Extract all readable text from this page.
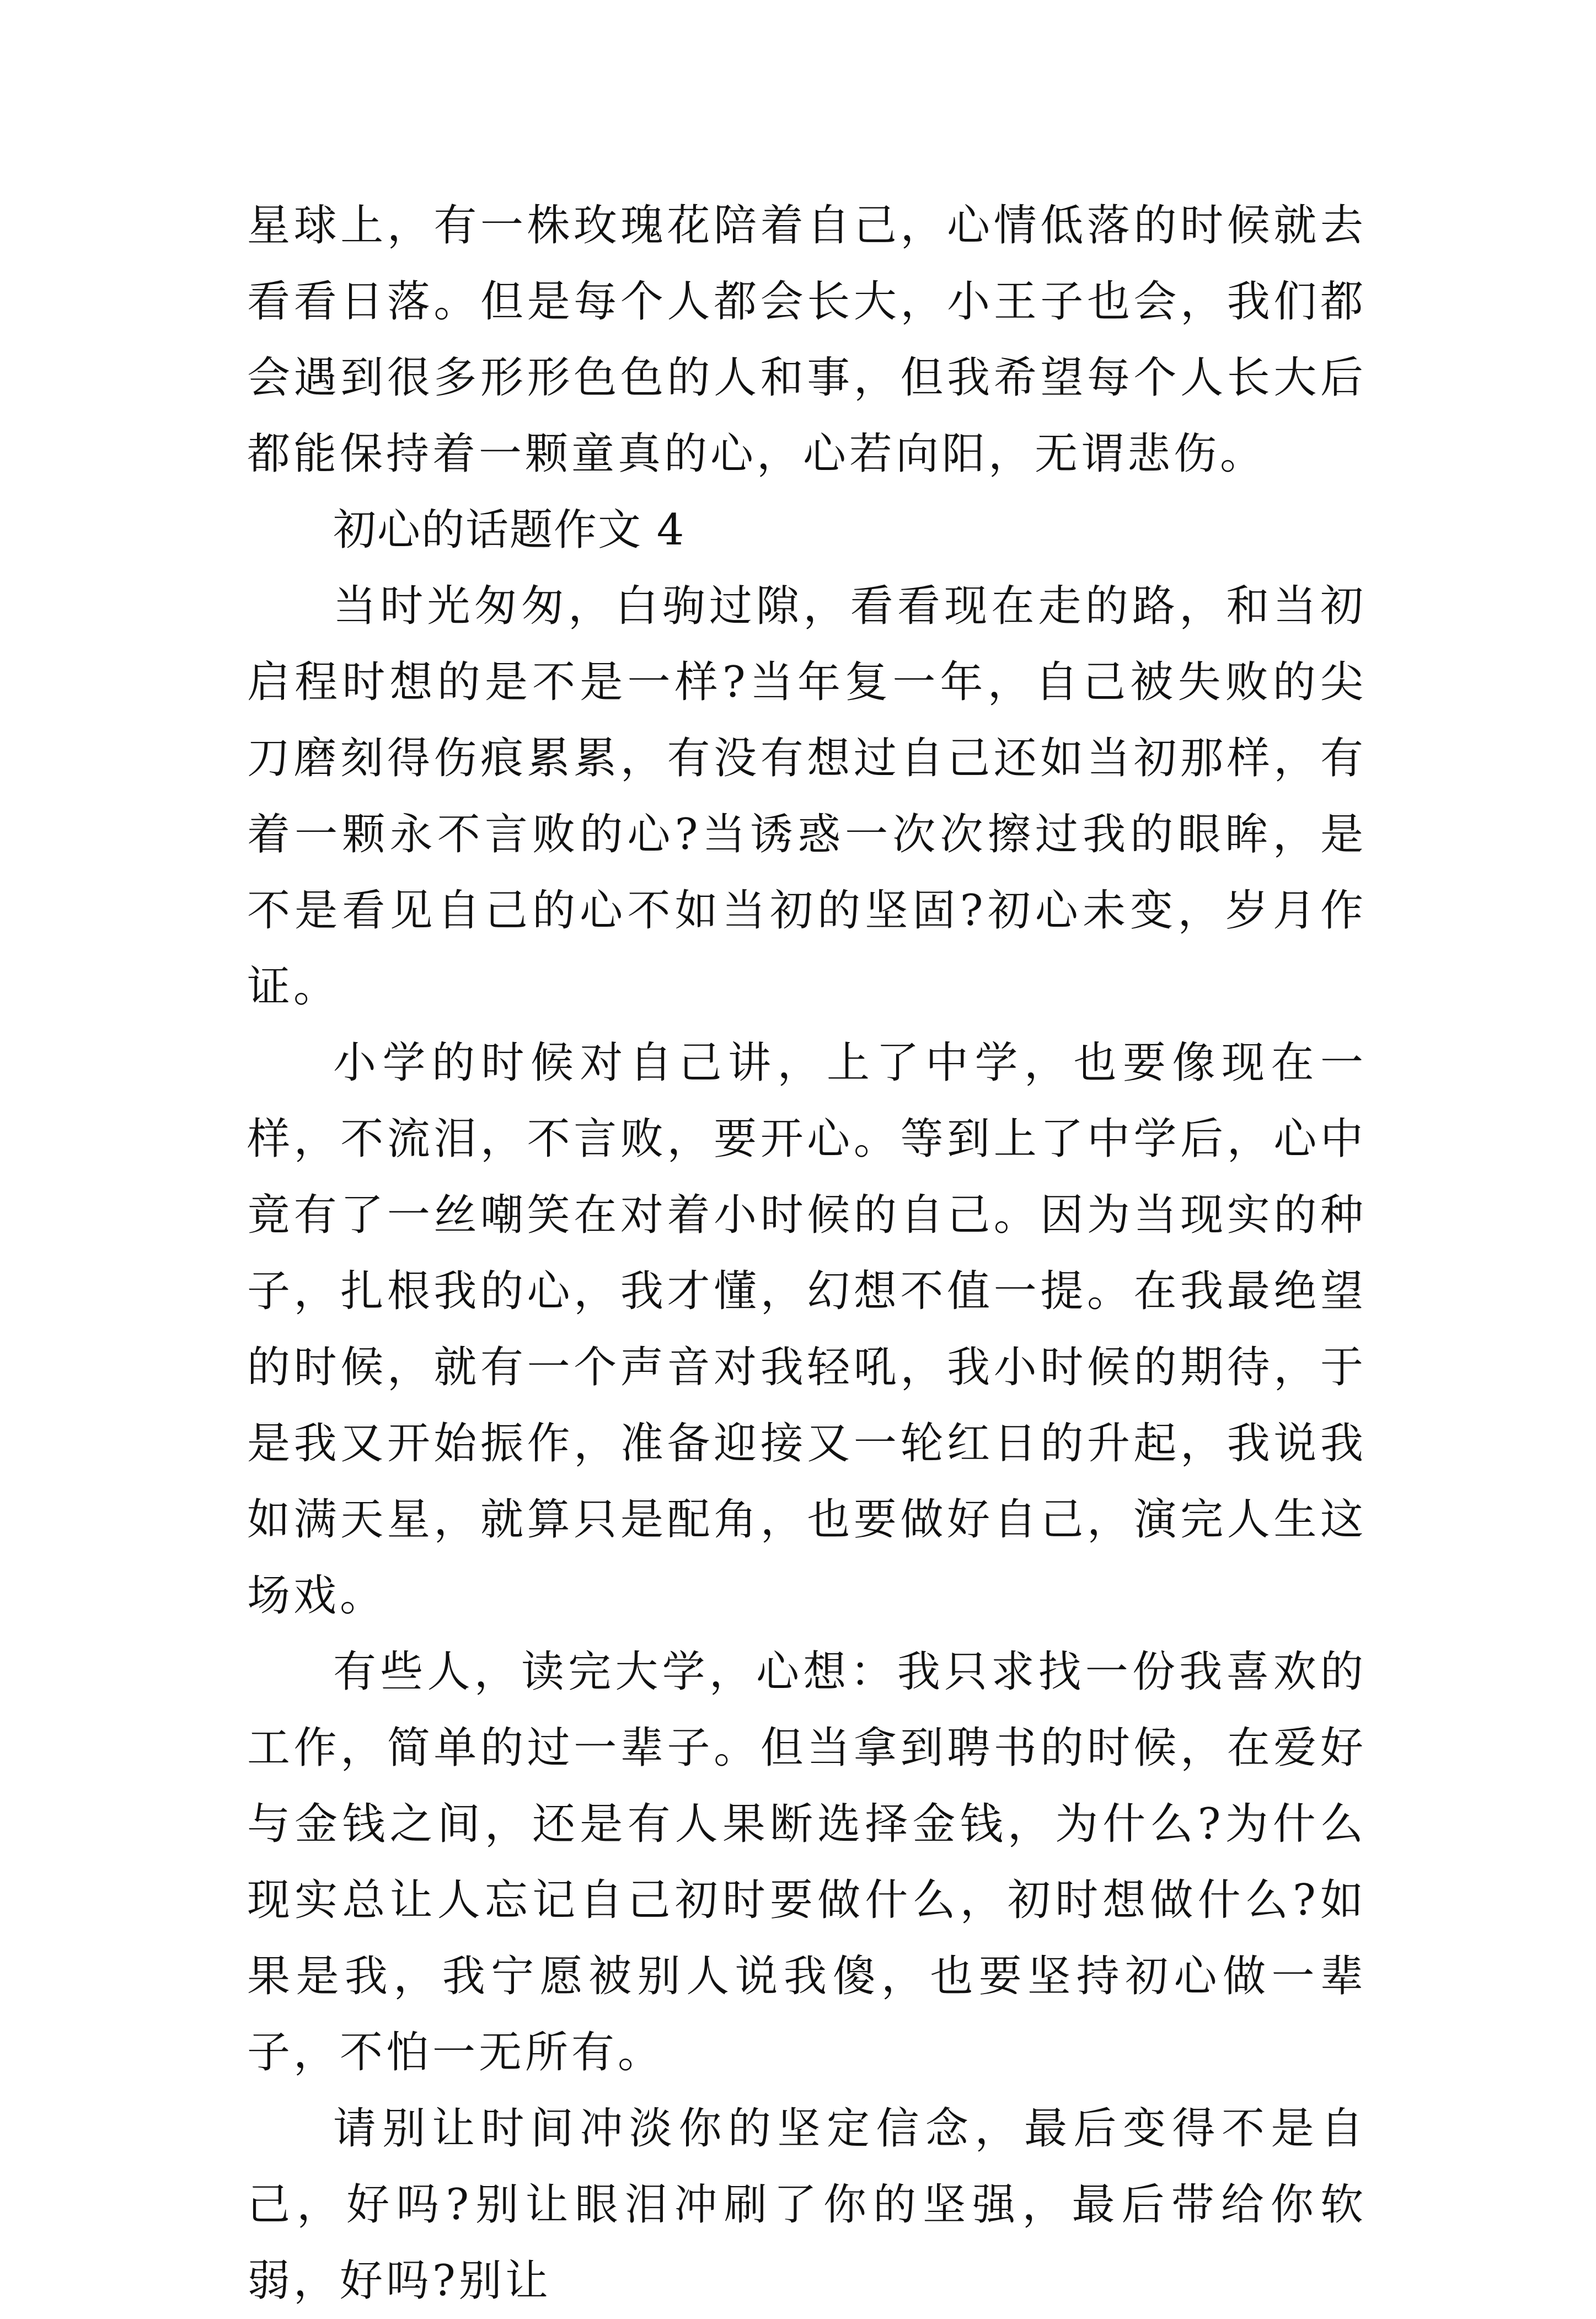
星球上，有一株玫瑰花陪着自己，心情低落的时候就去看看日落。但是每个人都会长大，小王子也会，我们都会遇到很多形形色色的人和事，但我希望每个人长大后都能保持着一颗童真的心，心若向阳，无谓悲伤。

初心的话题作文 4

当时光匆匆，白驹过隙，看看现在走的路，和当初启程时想的是不是一样?当年复一年，自己被失败的尖刀磨刻得伤痕累累，有没有想过自己还如当初那样，有着一颗永不言败的心?当诱惑一次次擦过我的眼眸，是不是看见自己的心不如当初的坚固?初心未变，岁月作证。

小学的时候对自己讲，上了中学，也要像现在一样，不流泪，不言败，要开心。等到上了中学后，心中竟有了一丝嘲笑在对着小时候的自己。因为当现实的种子，扎根我的心，我才懂，幻想不值一提。在我最绝望的时候，就有一个声音对我轻吼，我小时候的期待，于是我又开始振作，准备迎接又一轮红日的升起，我说我如满天星，就算只是配角，也要做好自己，演完人生这场戏。

有些人，读完大学，心想：我只求找一份我喜欢的工作，简单的过一辈子。但当拿到聘书的时候，在爱好与金钱之间，还是有人果断选择金钱，为什么?为什么现实总让人忘记自己初时要做什么，初时想做什么?如果是我，我宁愿被别人说我傻，也要坚持初心做一辈子，不怕一无所有。

请别让时间冲淡你的坚定信念，最后变得不是自己，好吗?别让眼泪冲刷了你的坚强，最后带给你软弱，好吗?别让
